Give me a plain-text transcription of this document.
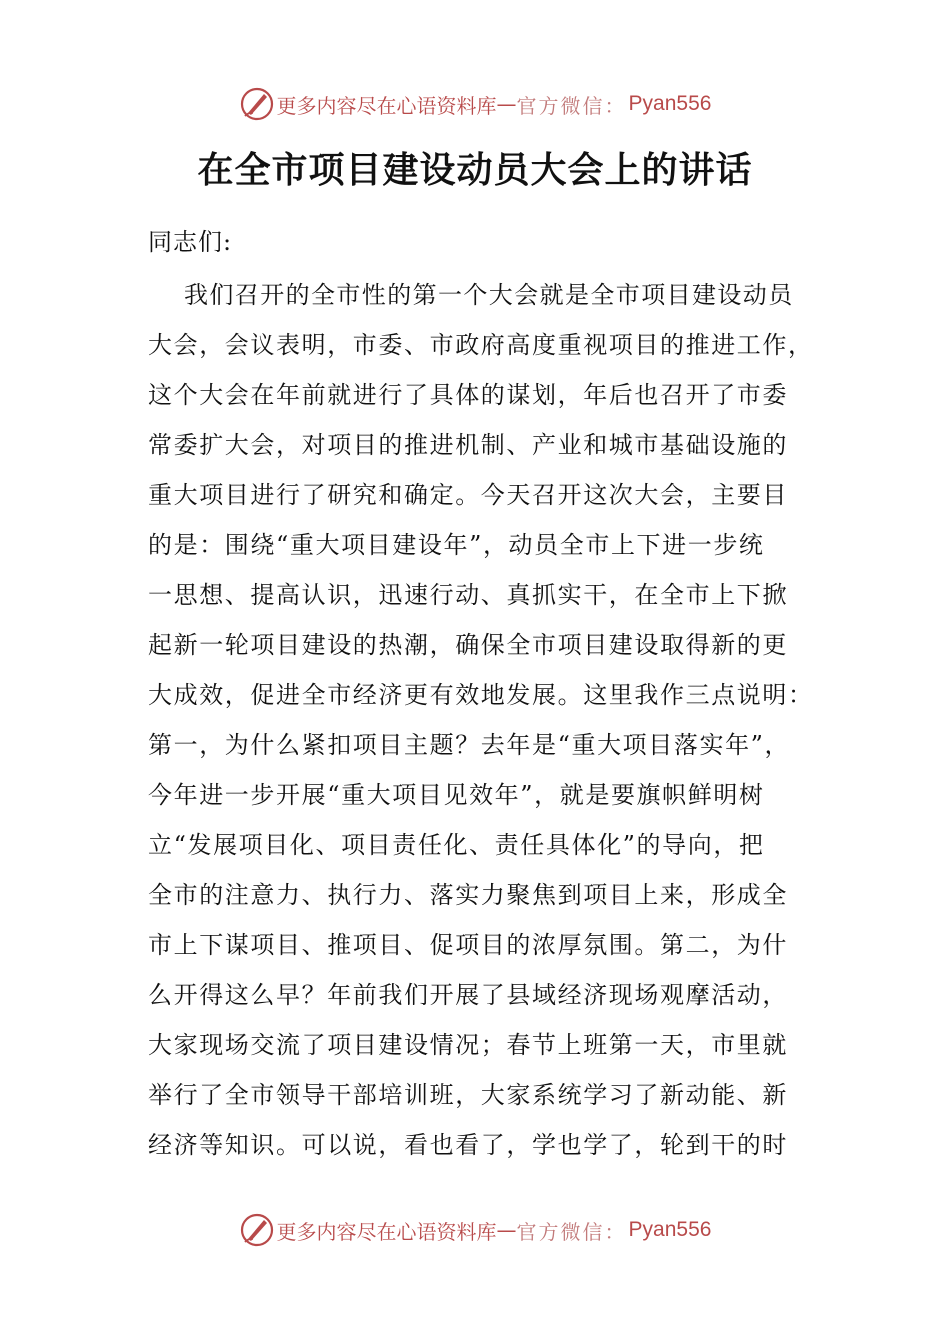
更多内容尽在心语资料库 — 官方微信： Pyan556
在全市项目建设动员大会上的讲话
同志们:
我们召开的全市性的第一个大会就是全市项目建设动员
大会，会议表明，市委、市政府高度重视项目的推进工作，
这个大会在年前就进行了具体的谋划，年后也召开了市委
常委扩大会，对项目的推进机制、产业和城市基础设施的
重大项目进行了研究和确定。今天召开这次大会，主要目
的是：围绕“重大项目建设年”，动员全市上下进一步统
一思想、提高认识，迅速行动、真抓实干，在全市上下掀
起新一轮项目建设的热潮，确保全市项目建设取得新的更
大成效，促进全市经济更有效地发展。这里我作三点说明：
第一，为什么紧扣项目主题？去年是“重大项目落实年”，
今年进一步开展“重大项目见效年”，就是要旗帜鲜明树
立“发展项目化、项目责任化、责任具体化”的导向，把
全市的注意力、执行力、落实力聚焦到项目上来，形成全
市上下谋项目、推项目、促项目的浓厚氛围。第二，为什
么开得这么早？年前我们开展了县域经济现场观摩活动，
大家现场交流了项目建设情况；春节上班第一天，市里就
举行了全市领导干部培训班，大家系统学习了新动能、新
经济等知识。可以说，看也看了，学也学了，轮到干的时
更多内容尽在心语资料库 — 官方微信： Pyan556
